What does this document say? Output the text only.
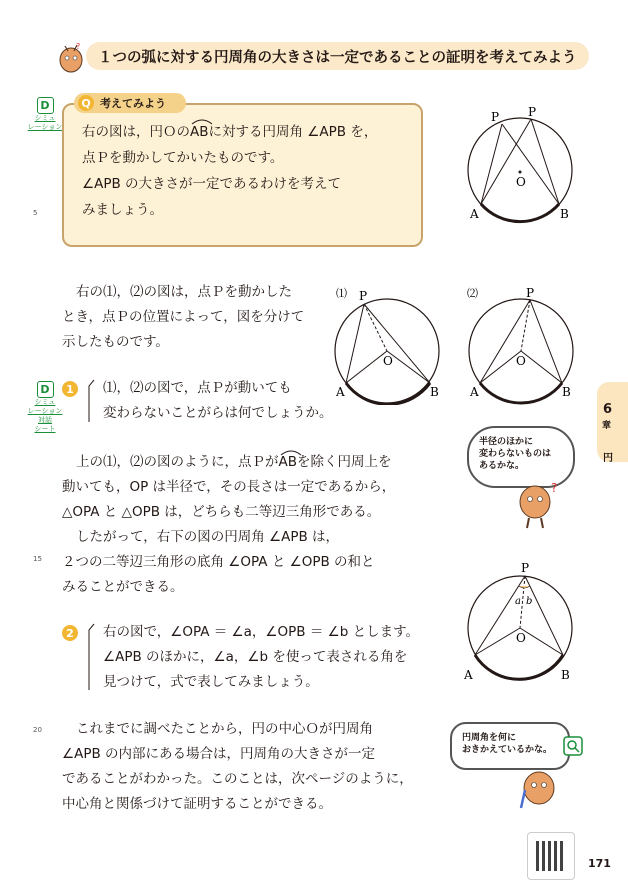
?
１つの弧に対する円周角の大きさは一定であることの証明を考えてみよう
D
シミュ
レーション
Q 考えてみよう
右の図は，円Ｏの
ABに対する円周角 ∠APB を，
点Ｐを動かしてかいたものです。
∠APB の大きさが一定であるわけを考えて
みましょう。
5
P P
O
A	B
右の⑴，⑵の図は，点Ｐを動かした
とき，点Ｐの位置によって，図を分けて
示したものです。
⑴ P
O
A	B
⑵	P
O
A	B
D
シミュ
レーション
対話
シート
1	⑴，⑵の図で，点Ｐが動いても
変わらないことがらは何でしょうか。	6
章
円
半径のほかに
変わらないものは
あるかな。
?
上の⑴，⑵の図のように，点Ｐが
ABを除く円周上を
動いても，OP は半径で，その長さは一定であるから，
△OPA と △OPB は，どちらも二等辺三角形である。
したがって，右下の図の円周角 ∠APB は，
２つの二等辺三角形の底角 ∠OPA と ∠OPB の和と
みることができる。
15
P
a b
O
A	B
2	右の図で，∠OPA ＝ ∠a，∠OPB ＝ ∠b とします。
∠APB のほかに，∠a，∠b を使って表される角を
見つけて，式で表してみましょう。
20	これまでに調べたことから，円の中心Ｏが円周角
∠APB の内部にある場合は，円周角の大きさが一定
であることがわかった。このことは，次ページのように，
中心角と関係づけて証明することができる。
円周角を何に
おきかえているかな。
171
